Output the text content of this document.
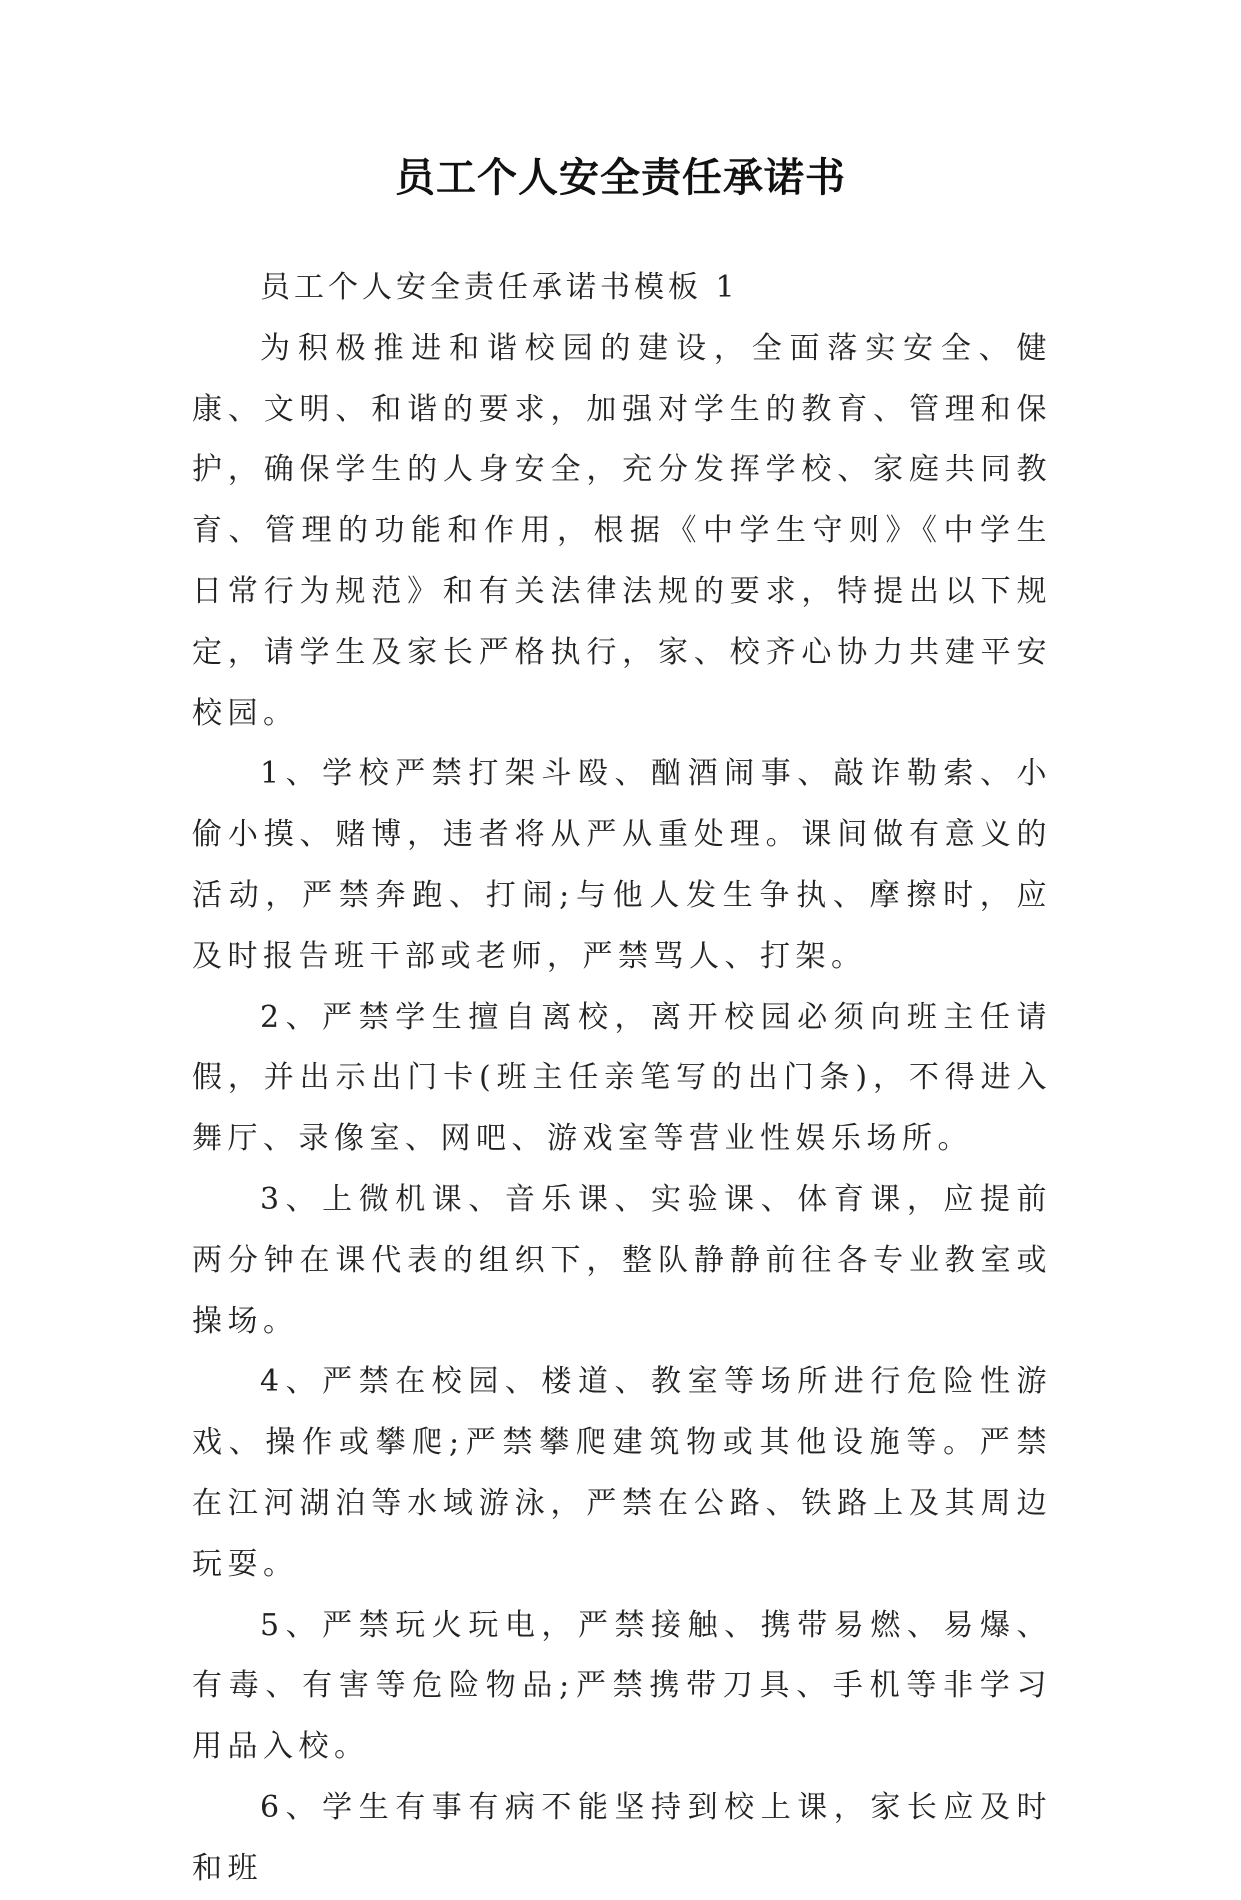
员工个人安全责任承诺书

员工个人安全责任承诺书模板 1

为积极推进和谐校园的建设，全面落实安全、健康、文明、和谐的要求，加强对学生的教育、管理和保护，确保学生的人身安全，充分发挥学校、家庭共同教育、管理的功能和作用，根据《中学生守则》《中学生日常行为规范》和有关法律法规的要求，特提出以下规定，请学生及家长严格执行，家、校齐心协力共建平安校园。

1、学校严禁打架斗殴、酗酒闹事、敲诈勒索、小偷小摸、赌博，违者将从严从重处理。课间做有意义的活动，严禁奔跑、打闹;与他人发生争执、摩擦时，应及时报告班干部或老师，严禁骂人、打架。

2、严禁学生擅自离校，离开校园必须向班主任请假，并出示出门卡(班主任亲笔写的出门条)，不得进入舞厅、录像室、网吧、游戏室等营业性娱乐场所。

3、上微机课、音乐课、实验课、体育课，应提前两分钟在课代表的组织下，整队静静前往各专业教室或操场。

4、严禁在校园、楼道、教室等场所进行危险性游戏、操作或攀爬;严禁攀爬建筑物或其他设施等。严禁在江河湖泊等水域游泳，严禁在公路、铁路上及其周边玩耍。

5、严禁玩火玩电，严禁接触、携带易燃、易爆、有毒、有害等危险物品;严禁携带刀具、手机等非学习用品入校。

6、学生有事有病不能坚持到校上课，家长应及时和班
